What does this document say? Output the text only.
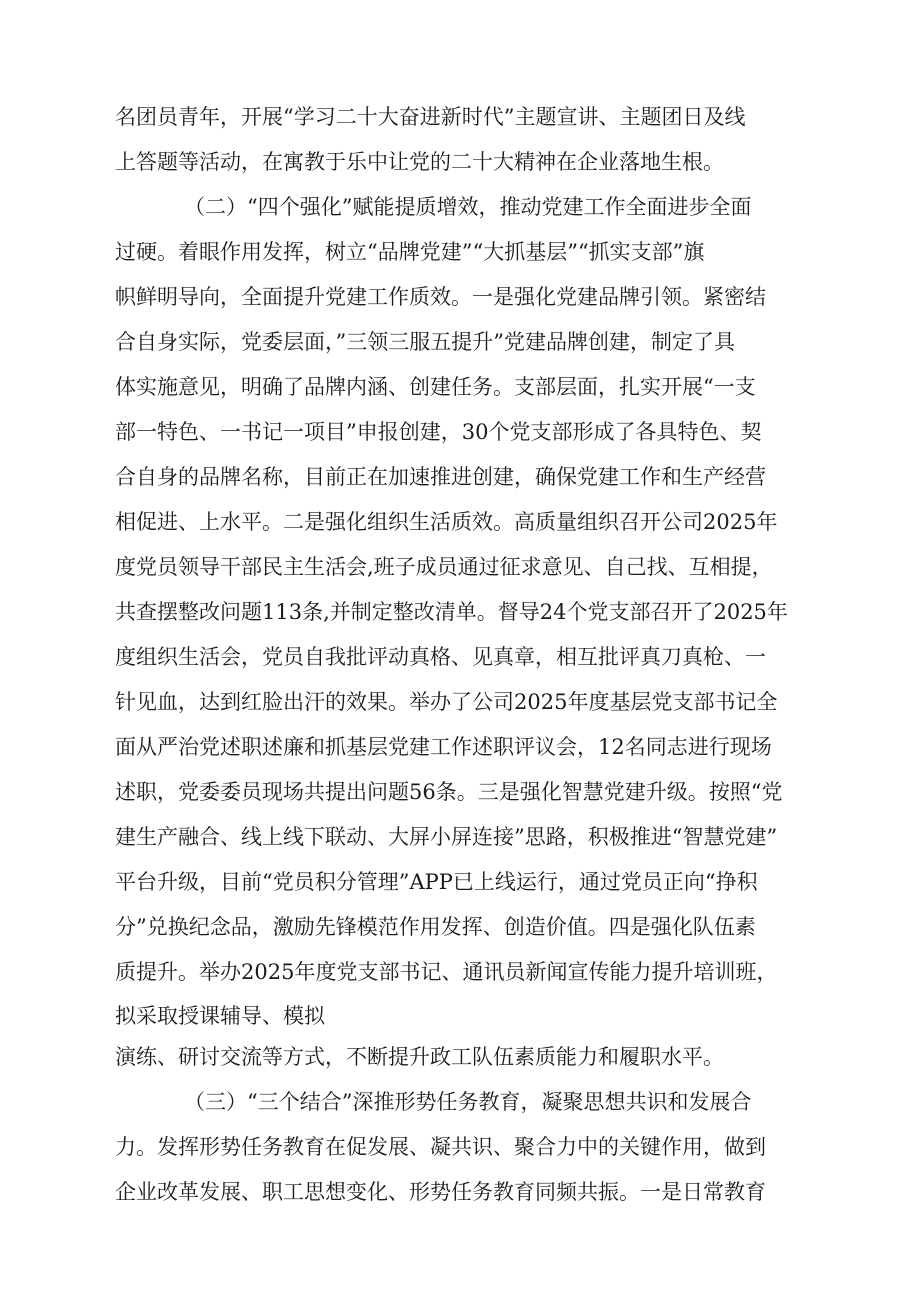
名团员青年，开展“学习二十大奋进新时代”主题宣讲、主题团日及线

上答题等活动，在寓教于乐中让党的二十大精神在企业落地生根。

（二）“四个强化”赋能提质增效，推动党建工作全面进步全面

过硬。着眼作用发挥，树立“品牌党建”“大抓基层”“抓实支部”旗

帜鲜明导向，全面提升党建工作质效。一是强化党建品牌引领。紧密结

合自身实际，党委层面，”三领三服五提升”党建品牌创建，制定了具

体实施意见，明确了品牌内涵、创建任务。支部层面，扎实开展“一支

部一特色、一书记一项目”申报创建，30个党支部形成了各具特色、契

合自身的品牌名称，目前正在加速推进创建，确保党建工作和生产经营

相促进、上水平。二是强化组织生活质效。高质量组织召开公司2025年

度党员领导干部民主生活会,班子成员通过征求意见、自己找、互相提，

共查摆整改问题113条,并制定整改清单。督导24个党支部召开了2025年

度组织生活会，党员自我批评动真格、见真章，相互批评真刀真枪、一

针见血，达到红脸出汗的效果。举办了公司2025年度基层党支部书记全

面从严治党述职述廉和抓基层党建工作述职评议会，12名同志进行现场

述职，党委委员现场共提出问题56条。三是强化智慧党建升级。按照“党

建生产融合、线上线下联动、大屏小屏连接”思路，积极推进“智慧党建”

平台升级，目前“党员积分管理”APP已上线运行，通过党员正向“挣积

分”兑换纪念品，激励先锋模范作用发挥、创造价值。四是强化队伍素

质提升。举办2025年度党支部书记、通讯员新闻宣传能力提升培训班，

拟采取授课辅导、模拟

演练、研讨交流等方式，不断提升政工队伍素质能力和履职水平。

（三）“三个结合”深推形势任务教育，凝聚思想共识和发展合

力。发挥形势任务教育在促发展、凝共识、聚合力中的关键作用，做到

企业改革发展、职工思想变化、形势任务教育同频共振。一是日常教育
